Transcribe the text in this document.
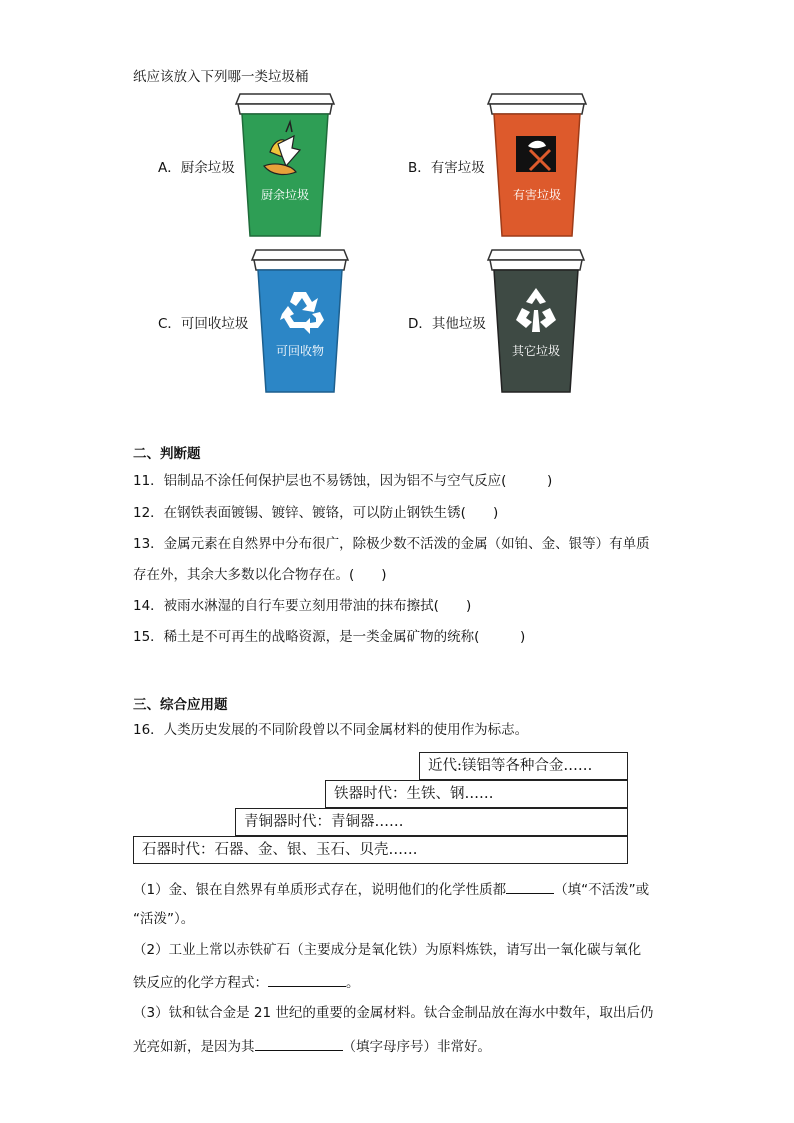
纸应该放入下列哪一类垃圾桶
A．厨余垃圾	B．有害垃圾
C．可回收垃圾	D．其他垃圾
厨余垃圾	有害垃圾
可回收物	其它垃圾
二、判断题
11．铝制品不涂任何保护层也不易锈蚀，因为铝不与空气反应(　　　)
12．在钢铁表面镀锡、镀锌、镀铬，可以防止钢铁生锈(　　)
13．金属元素在自然界中分布很广，除极少数不活泼的金属（如铂、金、银等）有单质
存在外，其余大多数以化合物存在。(　　)
14．被雨水淋湿的自行车要立刻用带油的抹布擦拭(　　)
15．稀土是不可再生的战略资源，是一类金属矿物的统称(　　　)
三、综合应用题
16．人类历史发展的不同阶段曾以不同金属材料的使用作为标志。
近代:镁铝等各种合金……
铁器时代：生铁、钢……
青铜器时代：青铜器……
石器时代：石器、金、银、玉石、贝壳……
（1）金、银在自然界有单质形式存在，说明他们的化学性质都	（填“不活泼”或
“活泼”）。
（2）工业上常以赤铁矿石（主要成分是氧化铁）为原料炼铁，请写出一氧化碳与氧化
铁反应的化学方程式：	。
（3）钛和钛合金是 21 世纪的重要的金属材料。钛合金制品放在海水中数年，取出后仍
光亮如新，是因为其	（填字母序号）非常好。
